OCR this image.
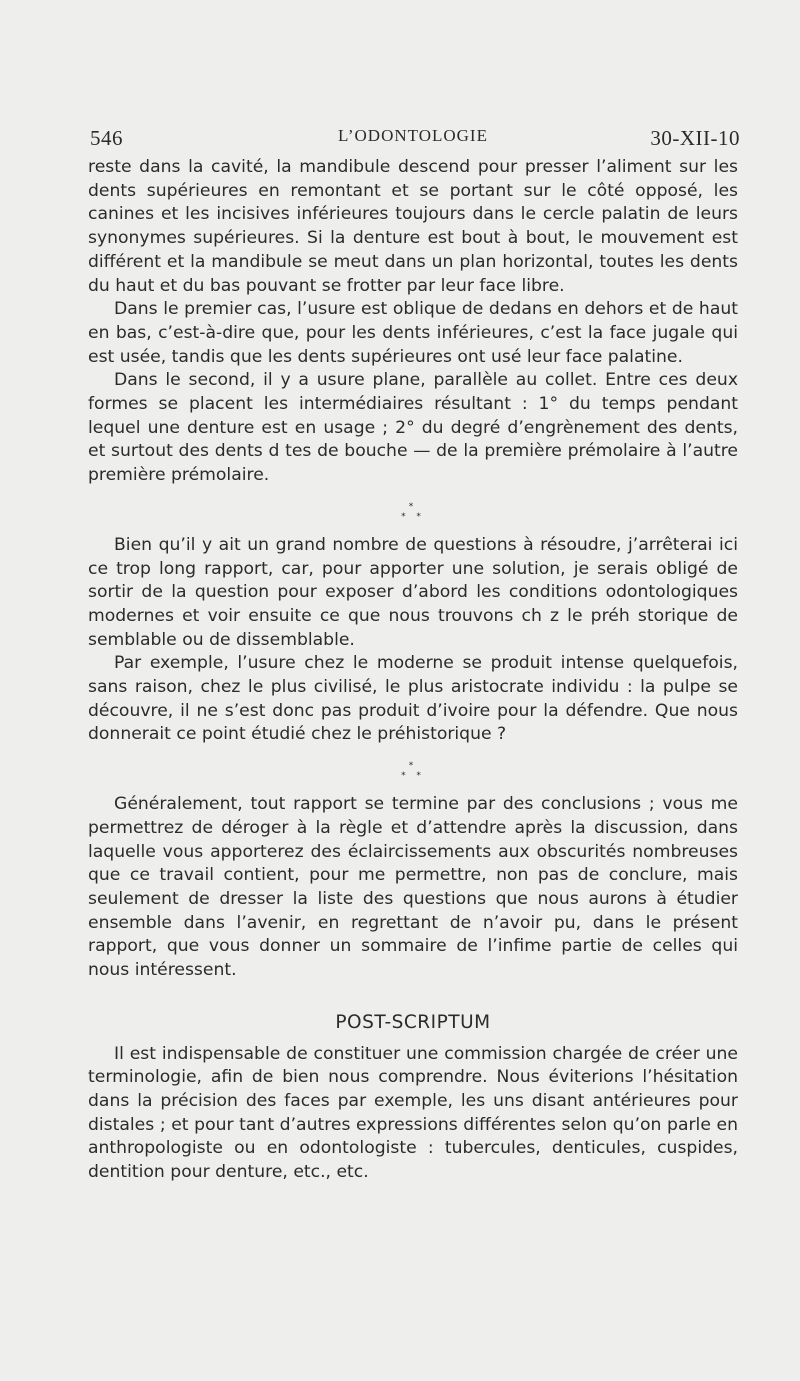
546	L’ODONTOLOGIE	30-XII-10

reste dans la cavité, la mandibule descend pour presser l’aliment sur les dents supérieures en remontant et se portant sur le côté opposé, les canines et les incisives inférieures toujours dans le cercle palatin de leurs synonymes supérieures. Si la denture est bout à bout, le mouvement est différent et la mandibule se meut dans un plan horizontal, toutes les dents du haut et du bas pouvant se frotter par leur face libre.

Dans le premier cas, l’usure est oblique de dedans en dehors et de haut en bas, c’est-à-dire que, pour les dents inférieures, c’est la face jugale qui est usée, tandis que les dents supérieures ont usé leur face palatine.

Dans le second, il y a usure plane, parallèle au collet. Entre ces deux formes se placent les intermédiaires résultant : 1° du temps pendant lequel une denture est en usage ; 2° du degré d’engrènement des dents, et surtout des dents d tes de bouche — de la première prémolaire à l’autre première prémolaire.

*
* *

Bien qu’il y ait un grand nombre de questions à résoudre, j’arrêterai ici ce trop long rapport, car, pour apporter une solution, je serais obligé de sortir de la question pour exposer d’abord les conditions odontologiques modernes et voir ensuite ce que nous trouvons ch z le préh storique de semblable ou de dissemblable.

Par exemple, l’usure chez le moderne se produit intense quelquefois, sans raison, chez le plus civilisé, le plus aristocrate individu : la pulpe se découvre, il ne s’est donc pas produit d’ivoire pour la défendre. Que nous donnerait ce point étudié chez le préhistorique ?

*
* *

Généralement, tout rapport se termine par des conclusions ; vous me permettrez de déroger à la règle et d’attendre après la discussion, dans laquelle vous apporterez des éclaircissements aux obscurités nombreuses que ce travail contient, pour me permettre, non pas de conclure, mais seulement de dresser la liste des questions que nous aurons à étudier ensemble dans l’avenir, en regrettant de n’avoir pu, dans le présent rapport, que vous donner un sommaire de l’infime partie de celles qui nous intéressent.

POST-SCRIPTUM

Il est indispensable de constituer une commission chargée de créer une terminologie, afin de bien nous comprendre. Nous éviterions l’hésitation dans la précision des faces par exemple, les uns disant antérieures pour distales ; et pour tant d’autres expressions différentes selon qu’on parle en anthropologiste ou en odontologiste : tubercules, denticules, cuspides, dentition pour denture, etc., etc.
